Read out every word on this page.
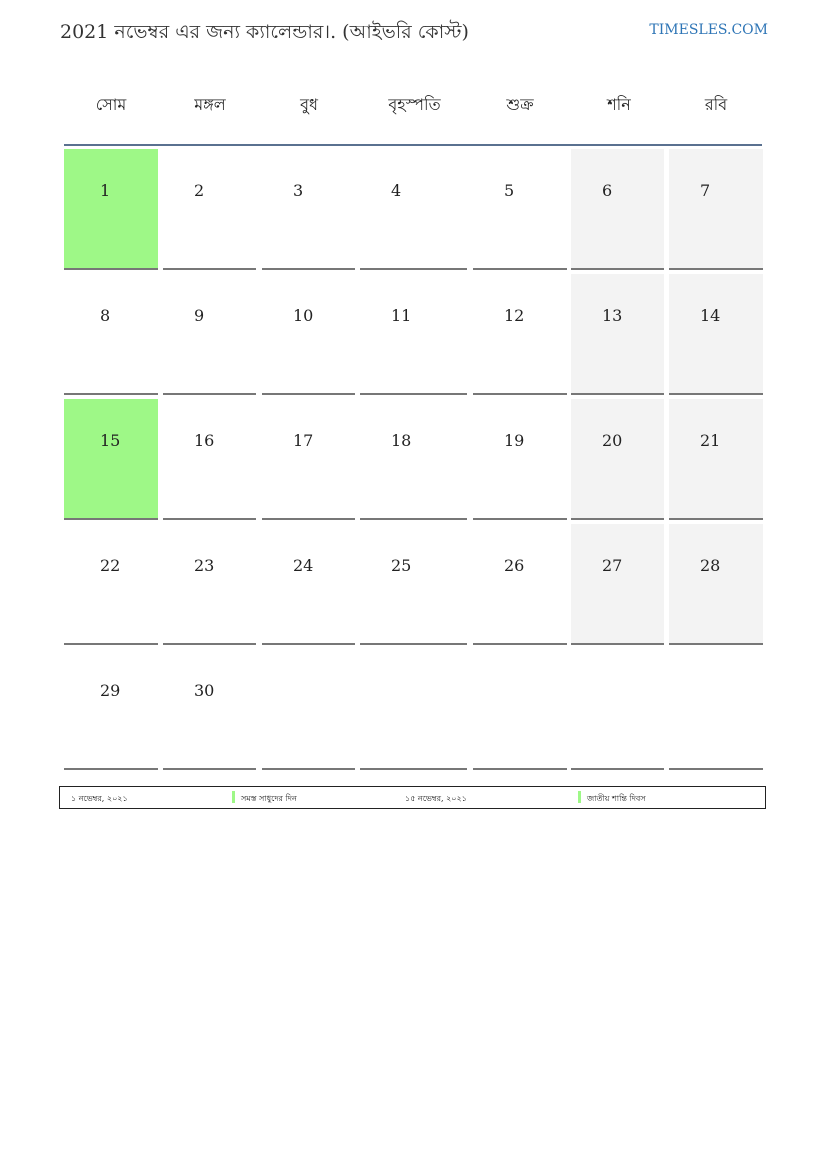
2021 নভেম্বর এর জন্য ক্যালেন্ডার।. (আইভরি কোস্ট)	TIMESLES.COM
সোম	মঙ্গল	বুধ	বৃহস্পতি	শুক্র	শনি	রবি
1	2	3	4	5	6	7
8	9	10	11	12	13	14
15	16	17	18	19	20	21
22	23	24	25	26	27	28
29	30
১ নভেম্বর, ২০২১	সমস্ত সাধুদের দিন	১৫ নভেম্বর, ২০২১	জাতীয় শান্তি দিবস
